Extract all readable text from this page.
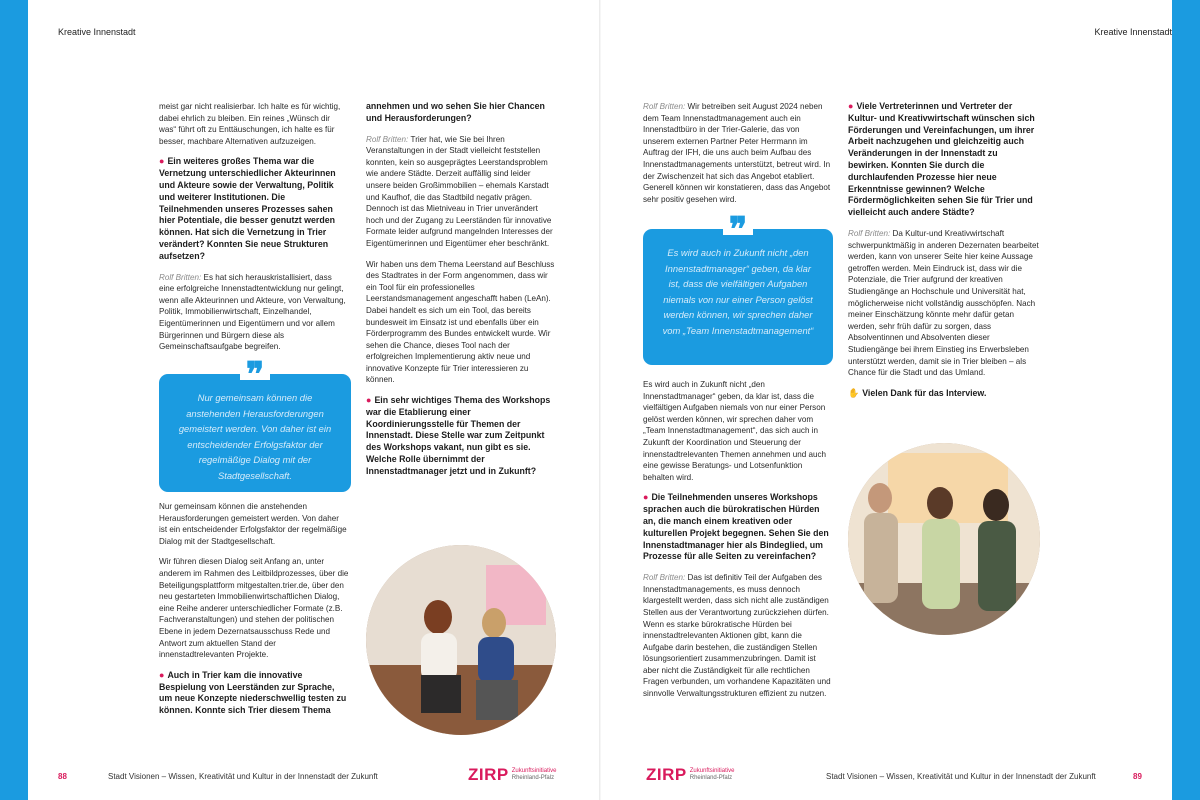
Kreative Innenstadt

meist gar nicht realisierbar. Ich halte es für wichtig, dabei ehrlich zu bleiben. Ein reines „Wünsch dir was“ führt oft zu Enttäuschungen, ich halte es für besser, machbare Alternativen aufzuzeigen.

● Ein weiteres großes Thema war die Vernetzung unterschiedlicher Akteurinnen und Akteure sowie der Verwaltung, Politik und weiterer Institutionen. Die Teilnehmenden unseres Prozesses sahen hier Potentiale, die besser genutzt werden können. Hat sich die Vernetzung in Trier verändert? Konnten Sie neue Strukturen aufsetzen?

Rolf Britten: Es hat sich herauskristallisiert, dass eine erfolgreiche Innenstadtentwicklung nur gelingt, wenn alle Akteurinnen und Akteure, von Verwaltung, Politik, Immobilienwirtschaft, Einzelhandel, Eigentümerinnen und Eigentümern und vor allem Bürgerinnen und Bürgern diese als Gemeinschaftsaufgabe begreifen.

❞
Nur gemeinsam können die anstehenden Herausforderungen gemeistert werden. Von daher ist ein entscheidender Erfolgsfaktor der regelmäßige Dialog mit der Stadtgesellschaft.

Nur gemeinsam können die anstehenden Herausforderungen gemeistert werden. Von daher ist ein entscheidender Erfolgsfaktor der regelmäßige Dialog mit der Stadtgesellschaft.

Wir führen diesen Dialog seit Anfang an, unter anderem im Rahmen des Leitbildprozesses, über die Beteiligungsplattform mitgestalten.trier.de, über den neu gestarteten Immobilienwirtschaftlichen Dialog, eine Reihe anderer unterschiedlicher Formate (z.B. Fachveranstaltungen) und stehen der politischen Ebene in jedem Dezernatsausschuss Rede und Antwort zum aktuellen Stand der innenstadtrelevanten Projekte.

● Auch in Trier kam die innovative Bespielung von Leerständen zur Sprache, um neue Konzepte niederschwellig testen zu können. Konnte sich Trier diesem Thema

annehmen und wo sehen Sie hier Chancen und Herausforderungen?

Rolf Britten: Trier hat, wie Sie bei Ihren Veranstaltungen in der Stadt vielleicht feststellen konnten, kein so ausgeprägtes Leerstandsproblem wie andere Städte. Derzeit auffällig sind leider unsere beiden Großimmobilien – ehemals Karstadt und Kaufhof, die das Stadtbild negativ prägen. Dennoch ist das Mietniveau in Trier unverändert hoch und der Zugang zu Leerständen für innovative Formate leider aufgrund mangelnden Interesses der Eigentümerinnen und Eigentümer eher beschränkt.

Wir haben uns dem Thema Leerstand auf Beschluss des Stadtrates in der Form angenommen, dass wir ein Tool für ein professionelles Leerstandsmanagement angeschafft haben (LeAn). Dabei handelt es sich um ein Tool, das bereits bundesweit im Einsatz ist und ebenfalls über ein Förderprogramm des Bundes entwickelt wurde. Wir sehen die Chance, dieses Tool nach der erfolgreichen Implementierung aktiv neue und innovative Konzepte für Trier interessieren zu können.

● Ein sehr wichtiges Thema des Workshops war die Etablierung einer Koordinierungsstelle für Themen der Innenstadt. Diese Stelle war zum Zeitpunkt des Workshops vakant, nun gibt es sie. Welche Rolle übernimmt der Innenstadtmanager jetzt und in Zukunft?

88	Stadt Visionen – Wissen, Kreativität und Kultur in der Innenstadt der Zukunft	ZIRP Zukunftsinitiative
Rheinland-Pfalz
Kreative Innenstadt

Rolf Britten: Wir betreiben seit August 2024 neben dem Team Innenstadtmanagement auch ein Innenstadtbüro in der Trier-Galerie, das von unserem externen Partner Peter Herrmann im Auftrag der IFH, die uns auch beim Aufbau des Innenstadtmanagements unterstützt, betreut wird. In der Zwischenzeit hat sich das Angebot etabliert. Generell können wir konstatieren, dass das Angebot sehr positiv gesehen wird.

❞
Es wird auch in Zukunft nicht „den Innenstadtmanager“ geben, da klar ist, dass die vielfältigen Aufgaben niemals von nur einer Person gelöst werden können, wir sprechen daher vom „Team Innenstadtmanagement“

Es wird auch in Zukunft nicht „den Innenstadtmanager“ geben, da klar ist, dass die vielfältigen Aufgaben niemals von nur einer Person gelöst werden können, wir sprechen daher vom „Team Innenstadtmanagement“, das sich auch in Zukunft der Koordination und Steuerung der innenstadtrelevanten Themen annehmen und auch eine gewisse Beratungs- und Lotsenfunktion behalten wird.

● Die Teilnehmenden unseres Workshops sprachen auch die bürokratischen Hürden an, die manch einem kreativen oder kulturellen Projekt begegnen. Sehen Sie den Innenstadtmanager hier als Bindeglied, um Prozesse für alle Seiten zu vereinfachen?

Rolf Britten: Das ist definitiv Teil der Aufgaben des Innenstadtmanagements, es muss dennoch klargestellt werden, dass sich nicht alle zuständigen Stellen aus der Verantwortung zurückziehen dürfen. Wenn es starke bürokratische Hürden bei innenstadtrelevanten Aktionen gibt, kann die Aufgabe darin bestehen, die zuständigen Stellen lösungsorientiert zusammenzubringen. Damit ist aber nicht die Zuständigkeit für alle rechtlichen Fragen verbunden, um vorhandene Kapazitäten und sinnvolle Verwaltungsstrukturen effizient zu nutzen.

● Viele Vertreterinnen und Vertreter der Kultur- und Kreativwirtschaft wünschen sich Förderungen und Vereinfachungen, um ihrer Arbeit nachzugehen und gleichzeitig auch Veränderungen in der Innenstadt zu bewirken. Konnten Sie durch die durchlaufenden Prozesse hier neue Erkenntnisse gewinnen? Welche Fördermöglichkeiten sehen Sie für Trier und vielleicht auch andere Städte?

Rolf Britten: Da Kultur-und Kreativwirtschaft schwerpunktmäßig in anderen Dezernaten bearbeitet werden, kann von unserer Seite hier keine Aussage getroffen werden. Mein Eindruck ist, dass wir die Potenziale, die Trier aufgrund der kreativen Studiengänge an Hochschule und Universität hat, möglicherweise nicht vollständig ausschöpfen. Nach meiner Einschätzung könnte mehr dafür getan werden, sehr früh dafür zu sorgen, dass Absolventinnen und Absolventen dieser Studiengänge bei ihrem Einstieg ins Erwerbsleben unterstützt werden, damit sie in Trier bleiben – als Chance für die Stadt und das Umland.

✋ Vielen Dank für das Interview.

ZIRP Zukunftsinitiative
Rheinland-Pfalz	Stadt Visionen – Wissen, Kreativität und Kultur in der Innenstadt der Zukunft	89
